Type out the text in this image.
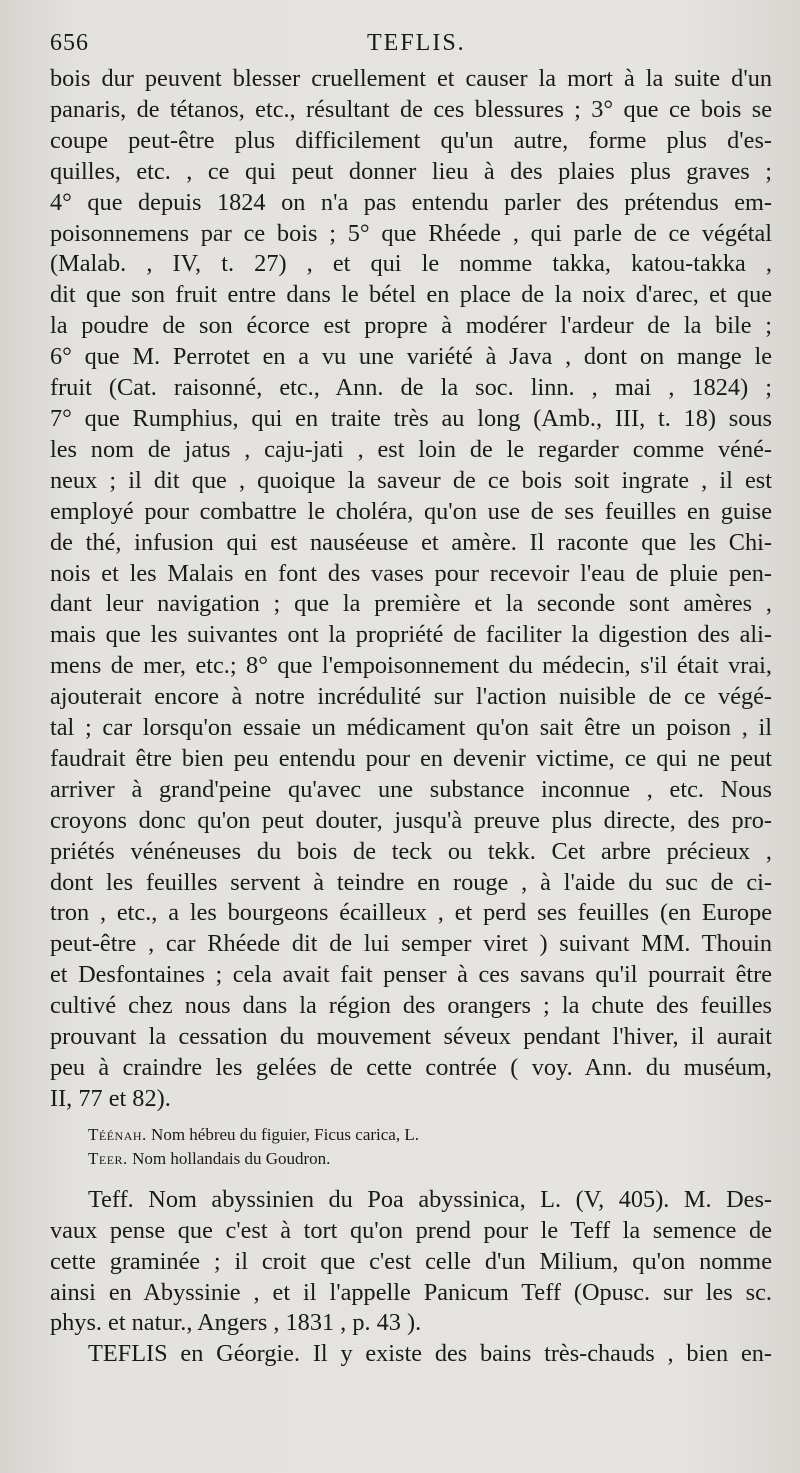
656	TEFLIS.
bois dur peuvent blesser cruellement et causer la mort à la suite d'un
panaris, de tétanos, etc., résultant de ces blessures ; 3° que ce bois se
coupe peut-être plus difficilement qu'un autre, forme plus d'es-
quilles, etc. , ce qui peut donner lieu à des plaies plus graves ;
4° que depuis 1824 on n'a pas entendu parler des prétendus em-
poisonnemens par ce bois ; 5° que Rhéede , qui parle de ce végétal
(Malab. , IV, t. 27) , et qui le nomme takka, katou-takka ,
dit que son fruit entre dans le bétel en place de la noix d'arec, et que
la poudre de son écorce est propre à modérer l'ardeur de la bile ;
6° que M. Perrotet en a vu une variété à Java , dont on mange le
fruit (Cat. raisonné, etc., Ann. de la soc. linn. , mai , 1824) ;
7° que Rumphius, qui en traite très au long (Amb., III, t. 18) sous
les nom de jatus , caju-jati , est loin de le regarder comme véné-
neux ; il dit que , quoique la saveur de ce bois soit ingrate , il est
employé pour combattre le choléra, qu'on use de ses feuilles en guise
de thé, infusion qui est nauséeuse et amère. Il raconte que les Chi-
nois et les Malais en font des vases pour recevoir l'eau de pluie pen-
dant leur navigation ; que la première et la seconde sont amères ,
mais que les suivantes ont la propriété de faciliter la digestion des ali-
mens de mer, etc.; 8° que l'empoisonnement du médecin, s'il était vrai,
ajouterait encore à notre incrédulité sur l'action nuisible de ce végé-
tal ; car lorsqu'on essaie un médicament qu'on sait être un poison , il
faudrait être bien peu entendu pour en devenir victime, ce qui ne peut
arriver à grand'peine qu'avec une substance inconnue , etc. Nous
croyons donc qu'on peut douter, jusqu'à preuve plus directe, des pro-
priétés vénéneuses du bois de teck ou tekk. Cet arbre précieux ,
dont les feuilles servent à teindre en rouge , à l'aide du suc de ci-
tron , etc., a les bourgeons écailleux , et perd ses feuilles (en Europe
peut-être , car Rhéede dit de lui semper viret ) suivant MM. Thouin
et Desfontaines ; cela avait fait penser à ces savans qu'il pourrait être
cultivé chez nous dans la région des orangers ; la chute des feuilles
prouvant la cessation du mouvement séveux pendant l'hiver, il aurait
peu à craindre les gelées de cette contrée ( voy. Ann. du muséum,
II, 77 et 82).
Téénah. Nom hébreu du figuier, Ficus carica, L.
Teer. Nom hollandais du Goudron.
Teff. Nom abyssinien du Poa abyssinica, L. (V, 405). M. Des-
vaux pense que c'est à tort qu'on prend pour le Teff la semence de
cette graminée ; il croit que c'est celle d'un Milium, qu'on nomme
ainsi en Abyssinie , et il l'appelle Panicum Teff (Opusc. sur les sc.
phys. et natur., Angers , 1831 , p. 43 ).
TEFLIS en Géorgie. Il y existe des bains très-chauds , bien en-
